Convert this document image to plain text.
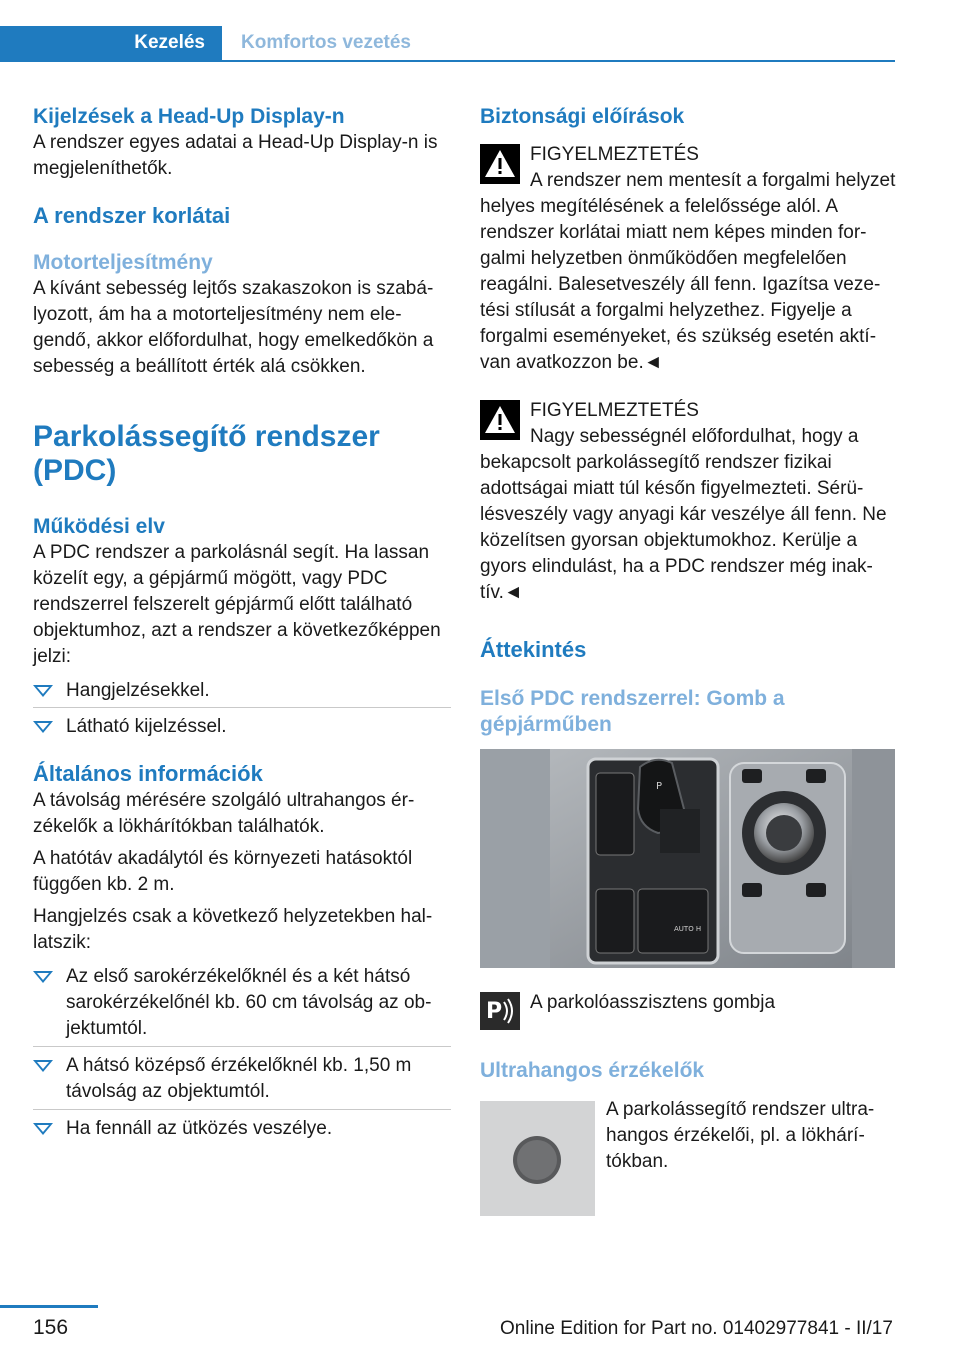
Kezelés Komfortos vezetés
Kijelzések a Head-Up Display-n

A rendszer egyes adatai a Head-Up Display-n is megjeleníthetők.

A rendszer korlátai
Motorteljesítmény

A kívánt sebesség lejtős szakaszokon is szabályozott, ám ha a motorteljesítmény nem elegendő, akkor előfordulhat, hogy emelkedőkön a sebesség a beállított érték alá csökken.

Parkolássegítő rendszer (PDC)
Működési elv

A PDC rendszer a parkolásnál segít. Ha lassan közelít egy, a gépjármű mögött, vagy PDC rendszerrel felszerelt gépjármű előtt található objektumhoz, azt a rendszer a következőképpen jelzi:

Hangjelzésekkel.
Látható kijelzéssel.
Általános információk

A távolság mérésére szolgáló ultrahangos érzékelők a lökhárítókban találhatók.

A hatótáv akadálytól és környezeti hatásoktól függően kb. 2 m.

Hangjelzés csak a következő helyzetekben hallatszik:

Az első sarokérzékelőknél és a két hátsó sarokérzékelőnél kb. 60 cm távolság az objektumtól.
A hátsó középső érzékelőknél kb. 1,50 m távolság az objektumtól.
Ha fennáll az ütközés veszélye.
Biztonsági előírások

FIGYELMEZTETÉS

A rendszer nem mentesít a forgalmi helyzet helyes megítélésének a felelőssége alól. A rendszer korlátai miatt nem képes minden forgalmi helyzetben önműködően megfelelően reagálni. Balesetveszély áll fenn. Igazítsa vezetési stílusát a forgalmi helyzethez. Figyelje a forgalmi eseményeket, és szükség esetén aktívan avatkozzon be.◄

FIGYELMEZTETÉS

Nagy sebességnél előfordulhat, hogy a bekapcsolt parkolássegítő rendszer fizikai adottságai miatt túl későn figyelmezteti. Sérülésveszély vagy anyagi kár veszélye áll fenn. Ne közelítsen gyorsan objektumokhoz. Kerülje a gyors elindulást, ha a PDC rendszer még inaktív.◄

Áttekintés
Első PDC rendszerrel: Gomb a gépjárműben
P
AUTO H
P	A parkolóasszisztens gombja

Ultrahangos érzékelők

A parkolássegítő rendszer ultrahangos érzékelői, pl. a lökhárítókban.

156	Online Edition for Part no. 01402977841 - II/17
